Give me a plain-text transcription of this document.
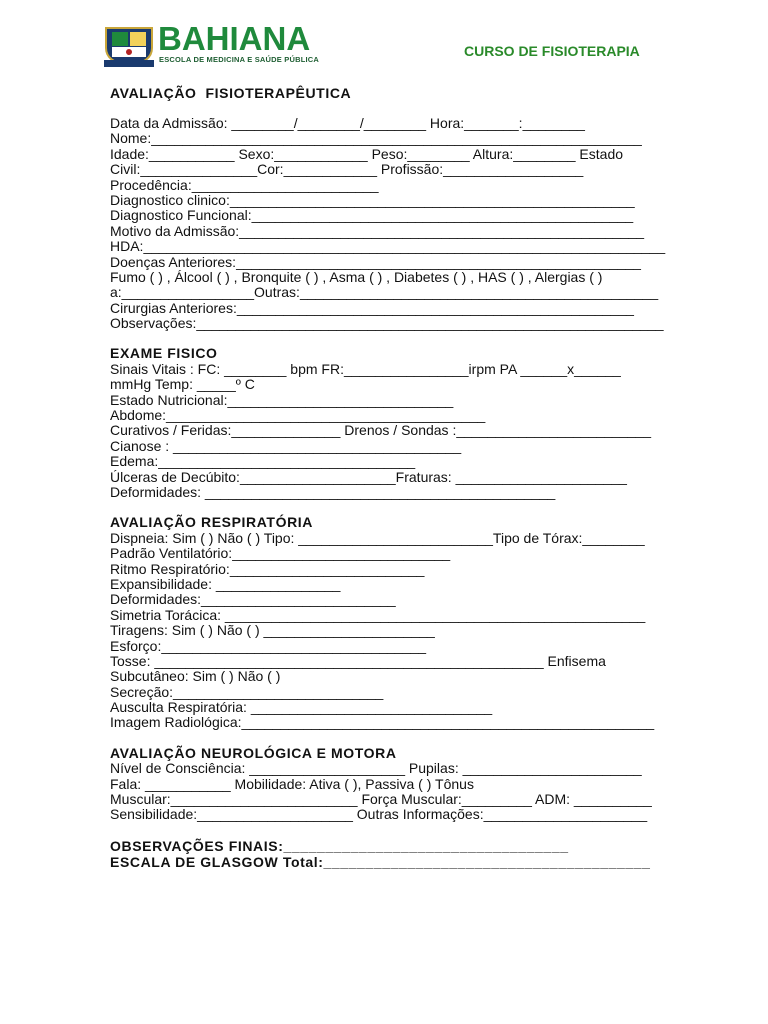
BAHIANA
ESCOLA DE MEDICINA E SAÚDE PÚBLICA
CURSO DE FISIOTERAPIA
AVALIAÇÃO  FISIOTERAPÊUTICA
Data da Admissão: ________/________/________ Hora:_______:________
Nome:_______________________________________________________________
Idade:___________ Sexo:____________ Peso:________ Altura:________ Estado
Civil:_______________Cor:____________ Profissão:__________________
Procedência:________________________
Diagnostico clinico:____________________________________________________
Diagnostico Funcional:_________________________________________________
Motivo da Admissão:____________________________________________________
HDA:___________________________________________________________________
Doenças Anteriores:____________________________________________________
Fumo ( ) , Álcool ( ) , Bronquite ( ) , Asma ( ) , Diabetes ( ) , HAS ( ) , Alergias ( )
a:_________________Outras:______________________________________________
Cirurgias Anteriores:___________________________________________________
Observações:____________________________________________________________
EXAME FISICO
Sinais Vitais : FC: ________ bpm FR:________________irpm PA ______x______
mmHg Temp: _____º C
Estado Nutricional:_____________________________
Abdome:_________________________________________
Curativos / Feridas:______________ Drenos / Sondas :_________________________
Cianose : _____________________________________
Edema:_________________________________
Úlceras de Decúbito:____________________Fraturas: ______________________
Deformidades: _____________________________________________
AVALIAÇÃO RESPIRATÓRIA
Dispneia: Sim ( ) Não ( ) Tipo: _________________________Tipo de Tórax:________
Padrão Ventilatório:____________________________
Ritmo Respiratório:_________________________
Expansibilidade: ________________
Deformidades:_________________________
Simetria Torácica: ______________________________________________________
Tiragens: Sim ( ) Não ( ) ______________________
Esforço:__________________________________
Tosse: __________________________________________________ Enfisema
Subcutâneo: Sim ( ) Não ( )
Secreção:___________________________
Ausculta Respiratória: _______________________________
Imagem Radiológica:_____________________________________________________
AVALIAÇÃO NEUROLÓGICA E MOTORA
Nível de Consciência: ____________________ Pupilas: _______________________
Fala: ___________ Mobilidade: Ativa ( ), Passiva ( ) Tônus
Muscular:________________________ Força Muscular:_________ ADM: __________
Sensibilidade:____________________ Outras Informações:_____________________
OBSERVAÇÕES FINAIS:__________________________________
ESCALA DE GLASGOW Total:_______________________________________
